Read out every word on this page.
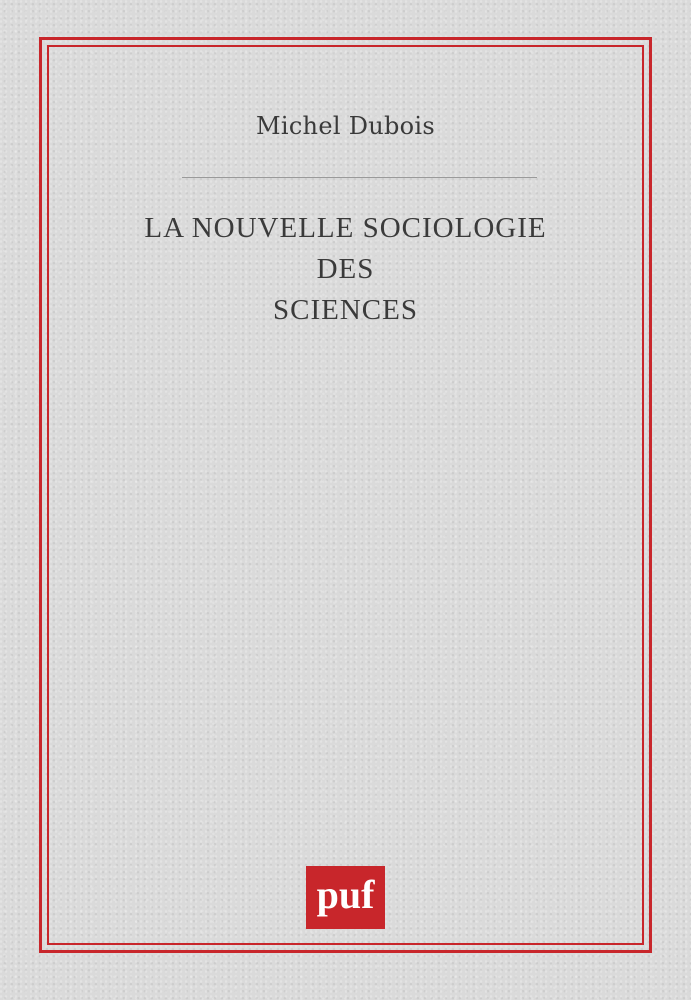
Michel Dubois
LA NOUVELLE SOCIOLOGIE
DES
SCIENCES
puf
